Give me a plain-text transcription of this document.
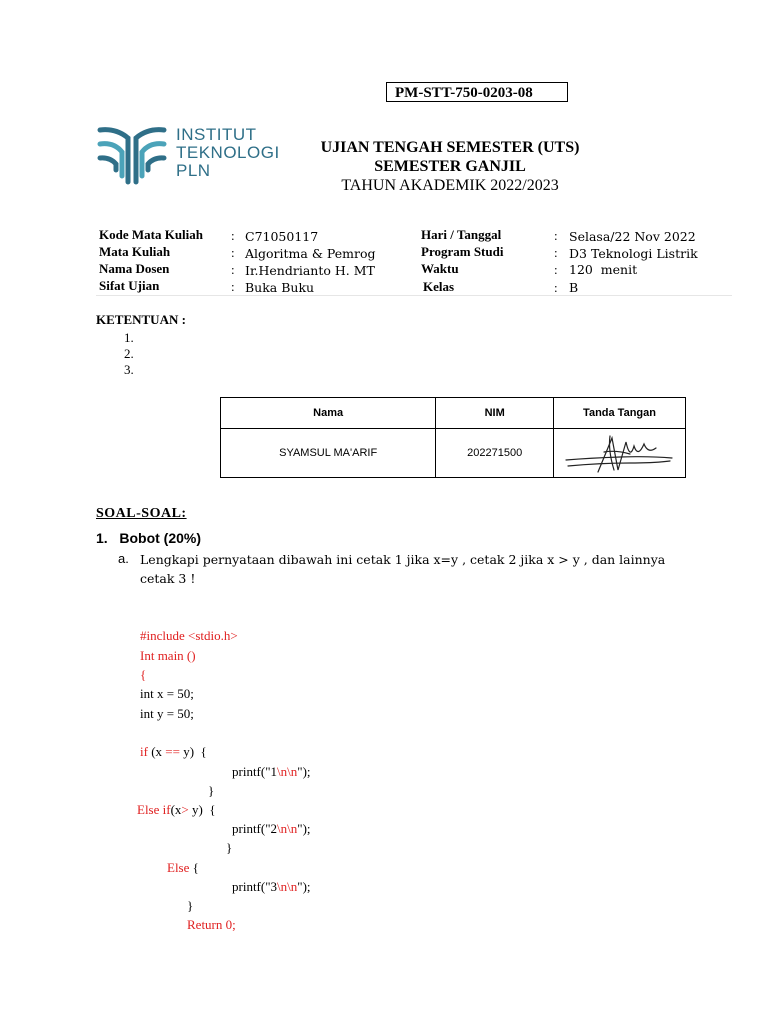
PM-STT-750-0203-08
INSTITUT
TEKNOLOGI
PLN
UJIAN TENGAH SEMESTER (UTS)
SEMESTER GANJIL
TAHUN AKADEMIK 2022/2023
Kode Mata Kuliah : C71050117
Mata Kuliah	: Algoritma & Pemrog
Nama Dosen	: Ir.Hendrianto H. MT
Sifat Ujian	: Buka Buku
Hari / Tanggal	: Selasa/22 Nov 2022
Program Studi	: D3 Teknologi Listrik
Waktu	: 120  menit
Kelas	: B
KETENTUAN :
1.
2.
3.
Nama	NIM	Tanda Tangan
SYAMSUL MA'ARIF	202271500	
SOAL-SOAL:
1. Bobot (20%)
a. Lengkapi pernyataan dibawah ini cetak 1 jika x=y , cetak 2 jika x > y , dan lainnya cetak 3 !
#include <stdio.h>
Int main ()
{
int x = 50;
int y = 50;
if (x == y)  {
printf("1\n\n");
}
Else if(x> y)  {
printf("2\n\n");
}
Else {
printf("3\n\n");
}
Return 0;
